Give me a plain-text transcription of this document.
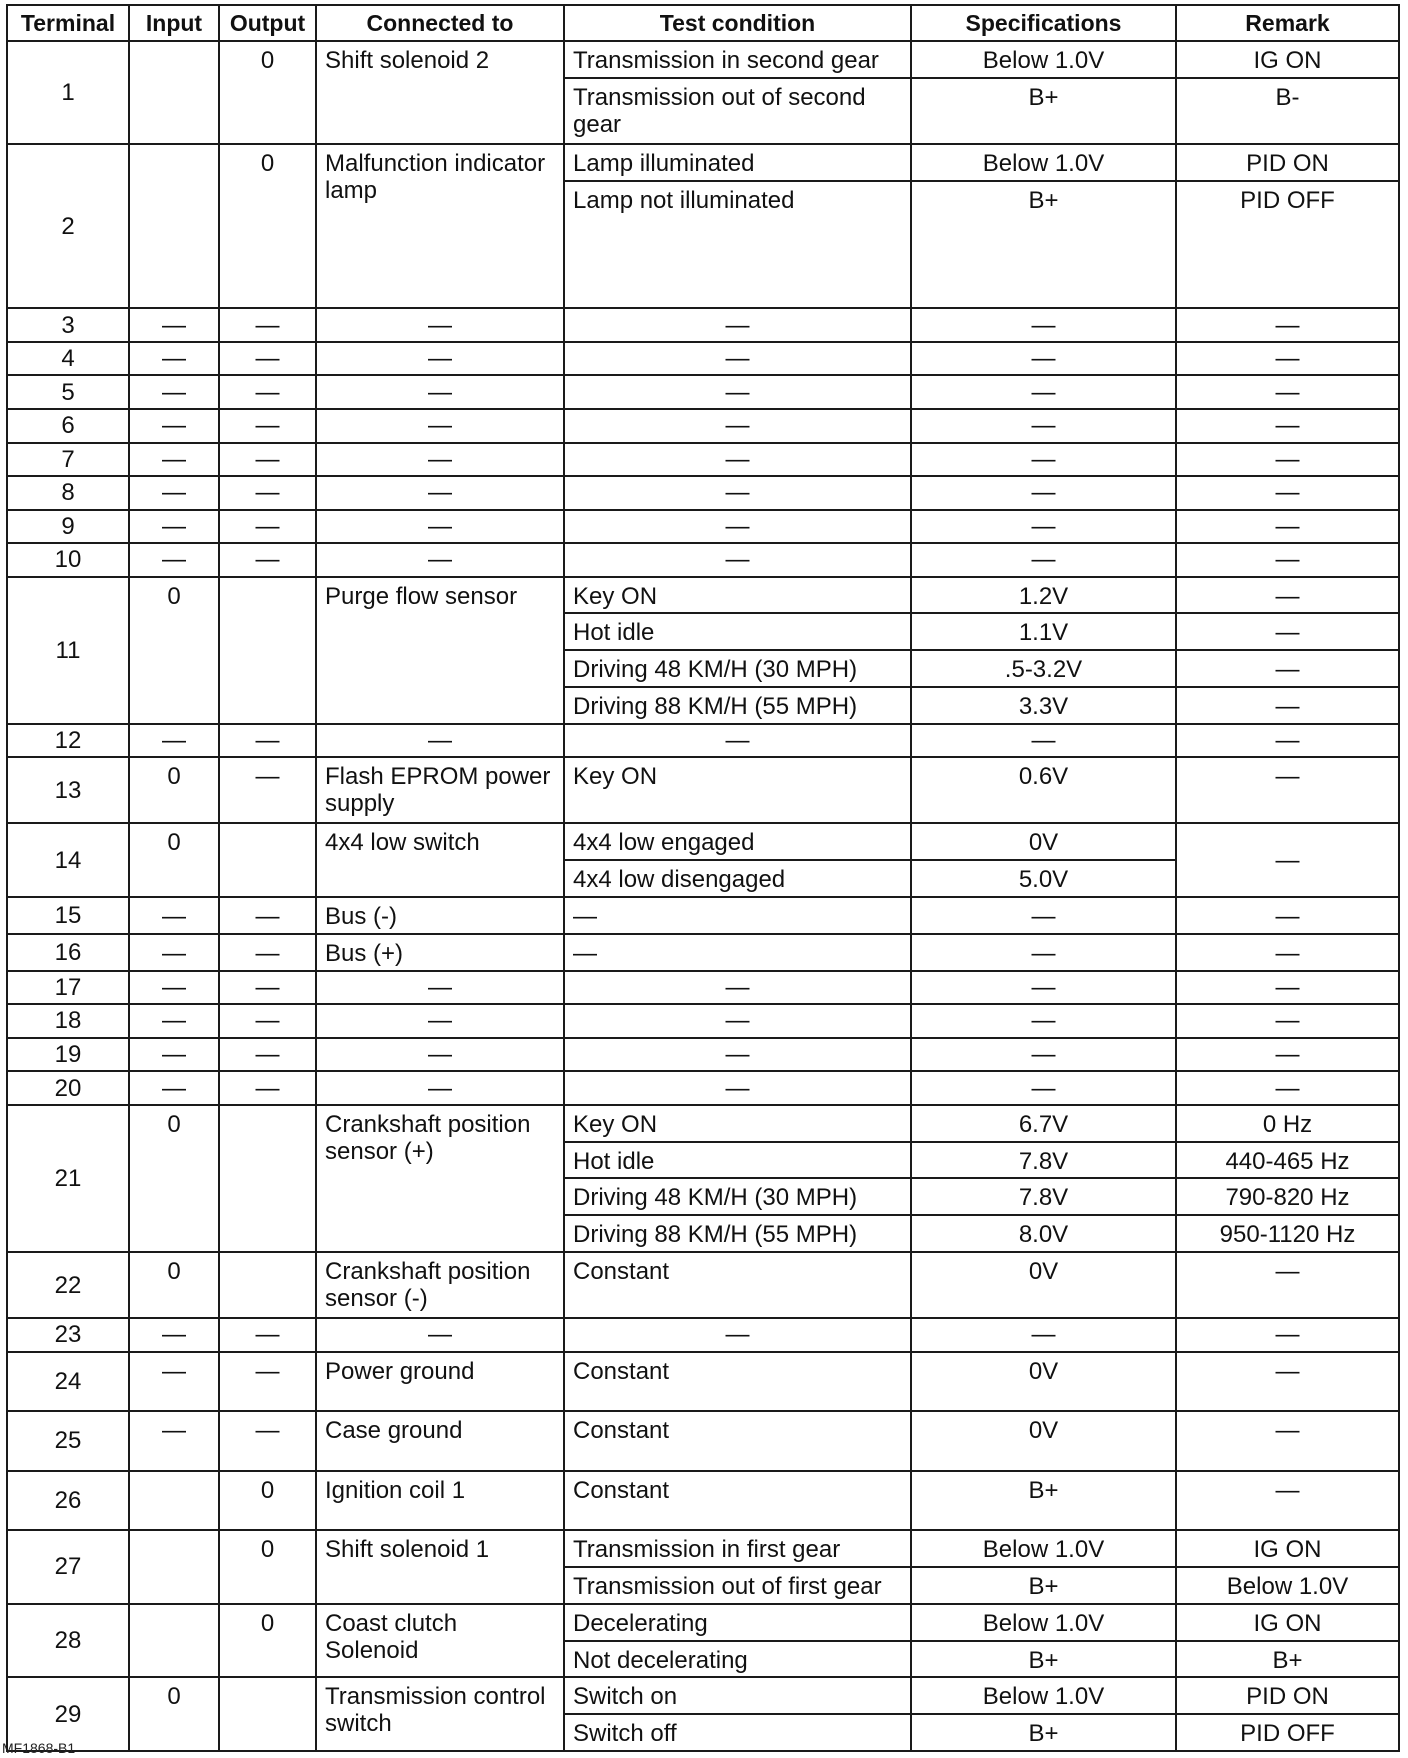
Terminal	Input	Output	Connected to	Test condition	Specifications	Remark
1		0	Shift solenoid 2	Transmission in second gear	Below 1.0V	IG ON
				Transmission out of second gear	B+	B-
2		0	Malfunction indicator lamp	Lamp illuminated	Below 1.0V	PID ON
				Lamp not illuminated	B+	PID OFF
3	—	—	—	—	—	—
4	—	—	—	—	—	—
5	—	—	—	—	—	—
6	—	—	—	—	—	—
7	—	—	—	—	—	—
8	—	—	—	—	—	—
9	—	—	—	—	—	—
10	—	—	—	—	—	—
11	0		Purge flow sensor	Key ON	1.2V	—
				Hot idle	1.1V	—
				Driving 48 KM/H (30 MPH)	.5-3.2V	—
				Driving 88 KM/H (55 MPH)	3.3V	—
12	—	—	—	—	—	—
13	0	—	Flash EPROM power supply	Key ON	0.6V	—
14	0		4x4 low switch	4x4 low engaged	0V	—
				4x4 low disengaged	5.0V	
15	—	—	Bus (-)	—	—	—
16	—	—	Bus (+)	—	—	—
17	—	—	—	—	—	—
18	—	—	—	—	—	—
19	—	—	—	—	—	—
20	—	—	—	—	—	—
21	0		Crankshaft position sensor (+)	Key ON	6.7V	0 Hz
				Hot idle	7.8V	440-465 Hz
				Driving 48 KM/H (30 MPH)	7.8V	790-820 Hz
				Driving 88 KM/H (55 MPH)	8.0V	950-1120 Hz
22	0		Crankshaft position sensor (-)	Constant	0V	—
23	—	—	—	—	—	—
24	—	—	Power ground	Constant	0V	—
25	—	—	Case ground	Constant	0V	—
26		0	Ignition coil 1	Constant	B+	—
27		0	Shift solenoid 1	Transmission in first gear	Below 1.0V	IG ON
				Transmission out of first gear	B+	Below 1.0V
28		0	Coast clutch Solenoid	Decelerating	Below 1.0V	IG ON
				Not decelerating	B+	B+
29	0		Transmission control switch	Switch on	Below 1.0V	PID ON
				Switch off	B+	PID OFF
MF1868-B1
